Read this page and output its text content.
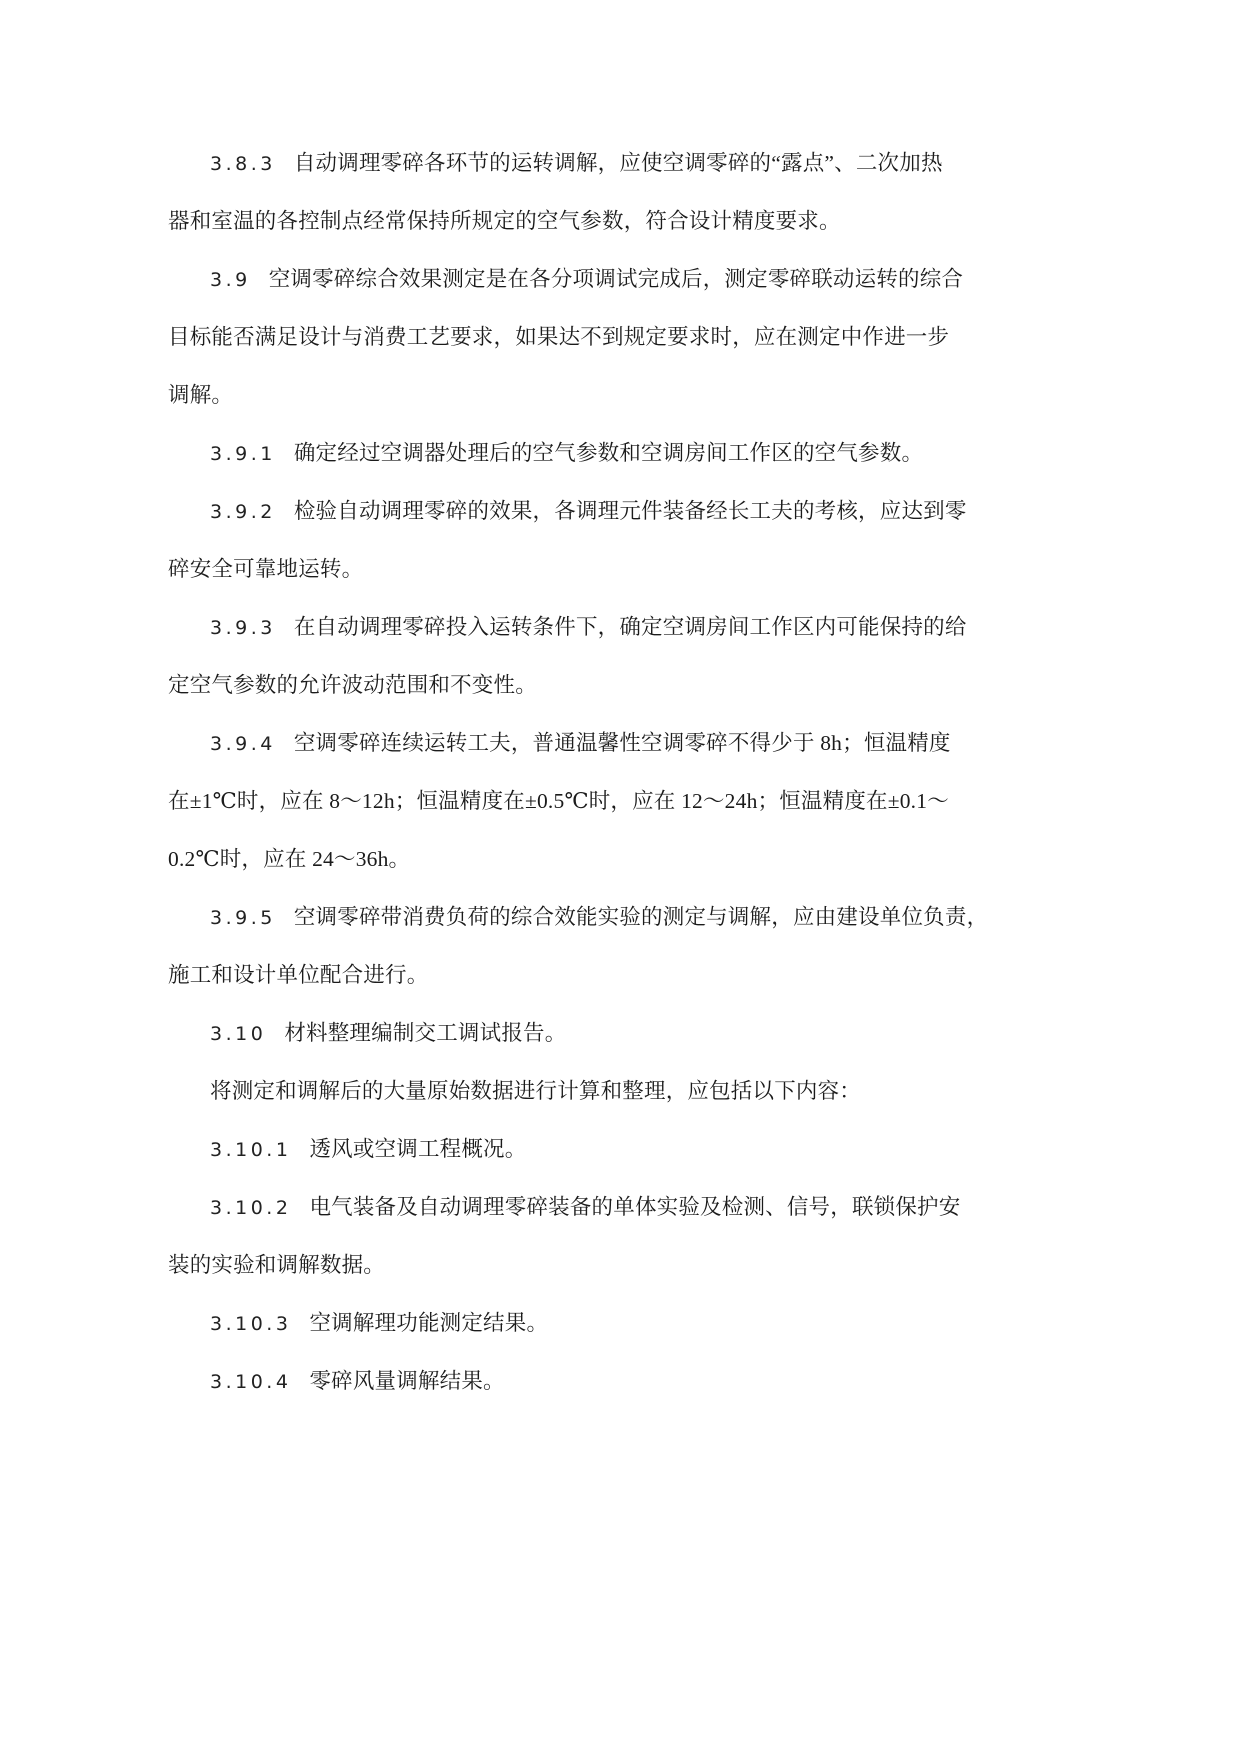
3.8.3 自动调理零碎各环节的运转调解，应使空调零碎的“露点”、二次加热
器和室温的各控制点经常保持所规定的空气参数，符合设计精度要求。
3.9 空调零碎综合效果测定是在各分项调试完成后，测定零碎联动运转的综合
目标能否满足设计与消费工艺要求，如果达不到规定要求时，应在测定中作进一步
调解。
3.9.1 确定经过空调器处理后的空气参数和空调房间工作区的空气参数。
3.9.2 检验自动调理零碎的效果，各调理元件装备经长工夫的考核，应达到零
碎安全可靠地运转。
3.9.3 在自动调理零碎投入运转条件下，确定空调房间工作区内可能保持的给
定空气参数的允许波动范围和不变性。
3.9.4 空调零碎连续运转工夫，普通温馨性空调零碎不得少于 8h；恒温精度
在±1℃时，应在 8～12h；恒温精度在±0.5℃时，应在 12～24h；恒温精度在±0.1～
0.2℃时，应在 24～36h。
3.9.5 空调零碎带消费负荷的综合效能实验的测定与调解，应由建设单位负责，
施工和设计单位配合进行。
3.10 材料整理编制交工调试报告。
将测定和调解后的大量原始数据进行计算和整理，应包括以下内容：
3.10.1 透风或空调工程概况。
3.10.2 电气装备及自动调理零碎装备的单体实验及检测、信号，联锁保护安
装的实验和调解数据。
3.10.3 空调解理功能测定结果。
3.10.4 零碎风量调解结果。
